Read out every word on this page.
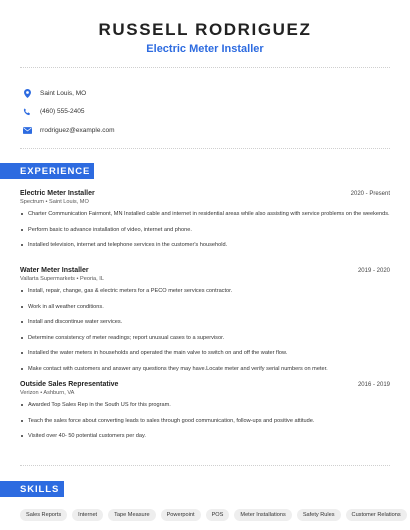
RUSSELL RODRIGUEZ
Electric Meter Installer
Saint Louis, MO
(460) 555-2405
rrodriguez@example.com
EXPERIENCE
Electric Meter Installer	2020 - Present
Spectrum • Saint Louis, MO
Charter Communication Fairmont, MN Installed cable and internet in residential areas while also assisting with service problems on the weekends.
Perform basic to advance installation of video, internet and phone.
Installed television, internet and telephone services in the customer's household.
Water Meter Installer	2019 - 2020
Vallarta Supermarkets • Peoria, IL
Install, repair, change, gas & electric meters for a PECO meter services contractor.
Work in all weather conditions.
Install and discontinue water services.
Determine consistency of meter readings; report unusual cases to a supervisor.
Installed the water meters in households and operated the main valve to switch on and off the water flow.
Make contact with customers and answer any questions they may have.Locate meter and verify serial numbers on meter.
Outside Sales Representative	2016 - 2019
Verizon • Ashburn, VA
Awarded Top Sales Rep in the South US for this program.
Teach the sales force about converting leads to sales through good communication, follow-ups and positive attitude.
Visited over 40- 50 potential customers per day.
SKILLS
Sales Reports	Internet	Tape Measure	Powerpoint	POS	Meter Installations	Safety Rules	Customer Relations
